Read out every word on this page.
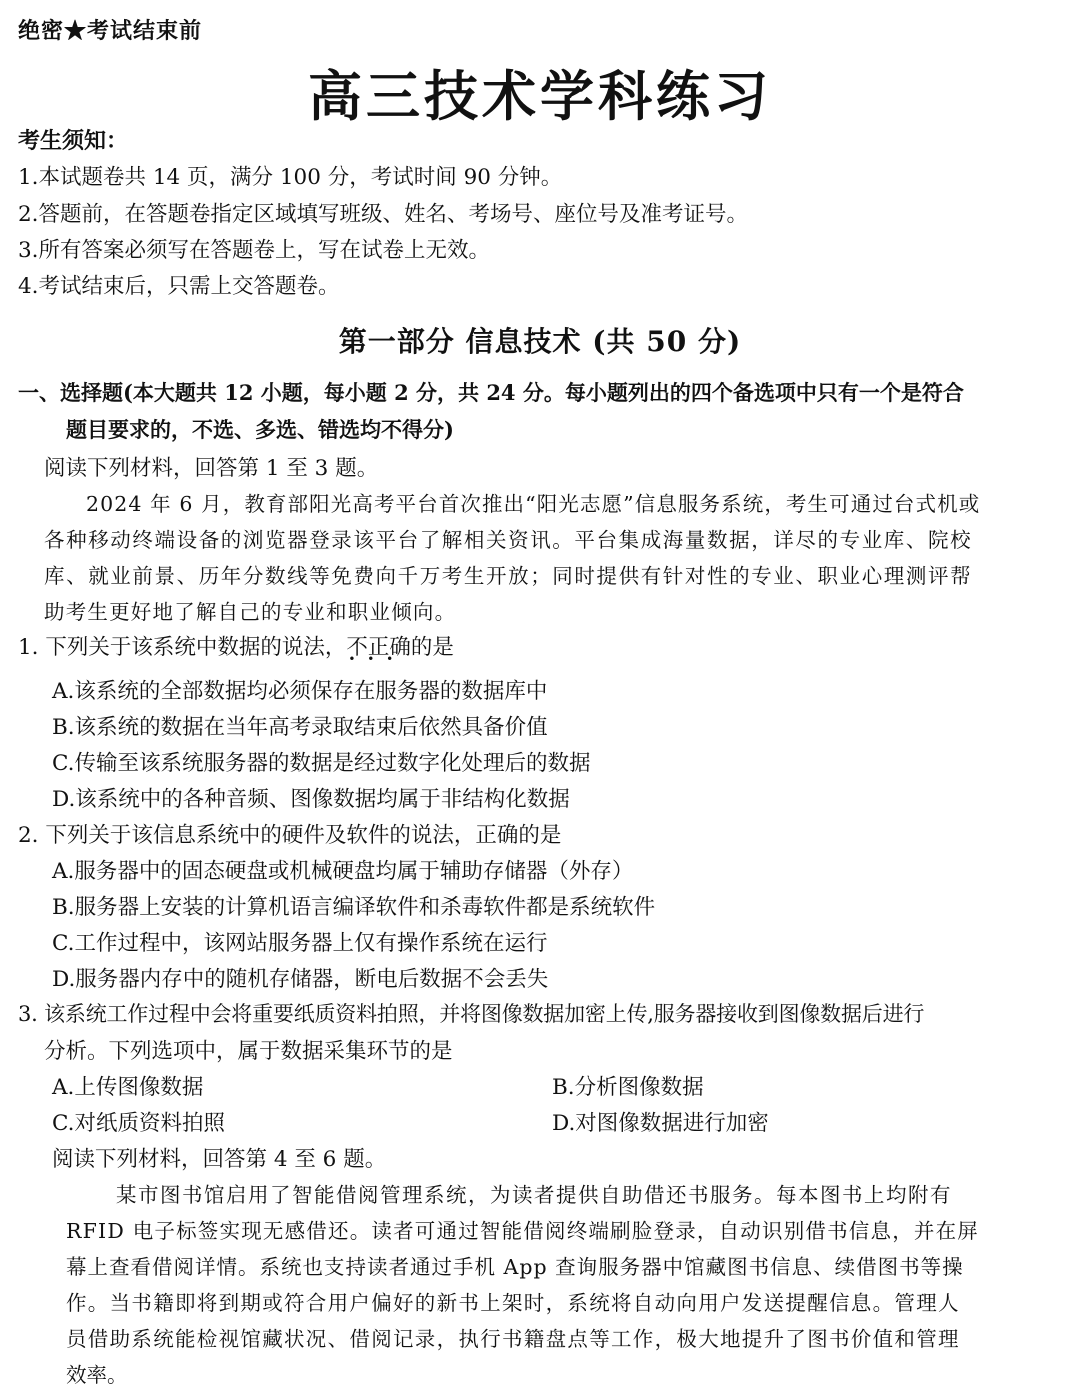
绝密★考试结束前
高三技术学科练习
考生须知：
1.本试题卷共 14 页，满分 100 分，考试时间 90 分钟。
2.答题前，在答题卷指定区域填写班级、姓名、考场号、座位号及准考证号。
3.所有答案必须写在答题卷上，写在试卷上无效。
4.考试结束后，只需上交答题卷。
第一部分 信息技术 (共 50 分)
一、选择题(本大题共 12 小题，每小题 2 分，共 24 分。每小题列出的四个备选项中只有一个是符合
题目要求的，不选、多选、错选均不得分)
阅读下列材料，回答第 1 至 3 题。
2024 年 6 月，教育部阳光高考平台首次推出“阳光志愿”信息服务系统，考生可通过台式机或
各种移动终端设备的浏览器登录该平台了解相关资讯。平台集成海量数据，详尽的专业库、院校
库、就业前景、历年分数线等免费向千万考生开放；同时提供有针对性的专业、职业心理测评帮
助考生更好地了解自己的专业和职业倾向。
1. 下列关于该系统中数据的说法，不正确 • • •的是
A.该系统的全部数据均必须保存在服务器的数据库中
B.该系统的数据在当年高考录取结束后依然具备价值
C.传输至该系统服务器的数据是经过数字化处理后的数据
D.该系统中的各种音频、图像数据均属于非结构化数据
2. 下列关于该信息系统中的硬件及软件的说法，正确的是
A.服务器中的固态硬盘或机械硬盘均属于辅助存储器（外存）
B.服务器上安装的计算机语言编译软件和杀毒软件都是系统软件
C.工作过程中，该网站服务器上仅有操作系统在运行
D.服务器内存中的随机存储器，断电后数据不会丢失
3. 该系统工作过程中会将重要纸质资料拍照，并将图像数据加密上传,服务器接收到图像数据后进行
分析。下列选项中，属于数据采集环节的是
A.上传图像数据	B.分析图像数据
C.对纸质资料拍照	D.对图像数据进行加密
阅读下列材料，回答第 4 至 6 题。
某市图书馆启用了智能借阅管理系统，为读者提供自助借还书服务。每本图书上均附有
RFID 电子标签实现无感借还。读者可通过智能借阅终端刷脸登录，自动识别借书信息，并在屏
幕上查看借阅详情。系统也支持读者通过手机 App 查询服务器中馆藏图书信息、续借图书等操
作。当书籍即将到期或符合用户偏好的新书上架时，系统将自动向用户发送提醒信息。管理人
员借助系统能检视馆藏状况、借阅记录，执行书籍盘点等工作，极大地提升了图书价值和管理
效率。
